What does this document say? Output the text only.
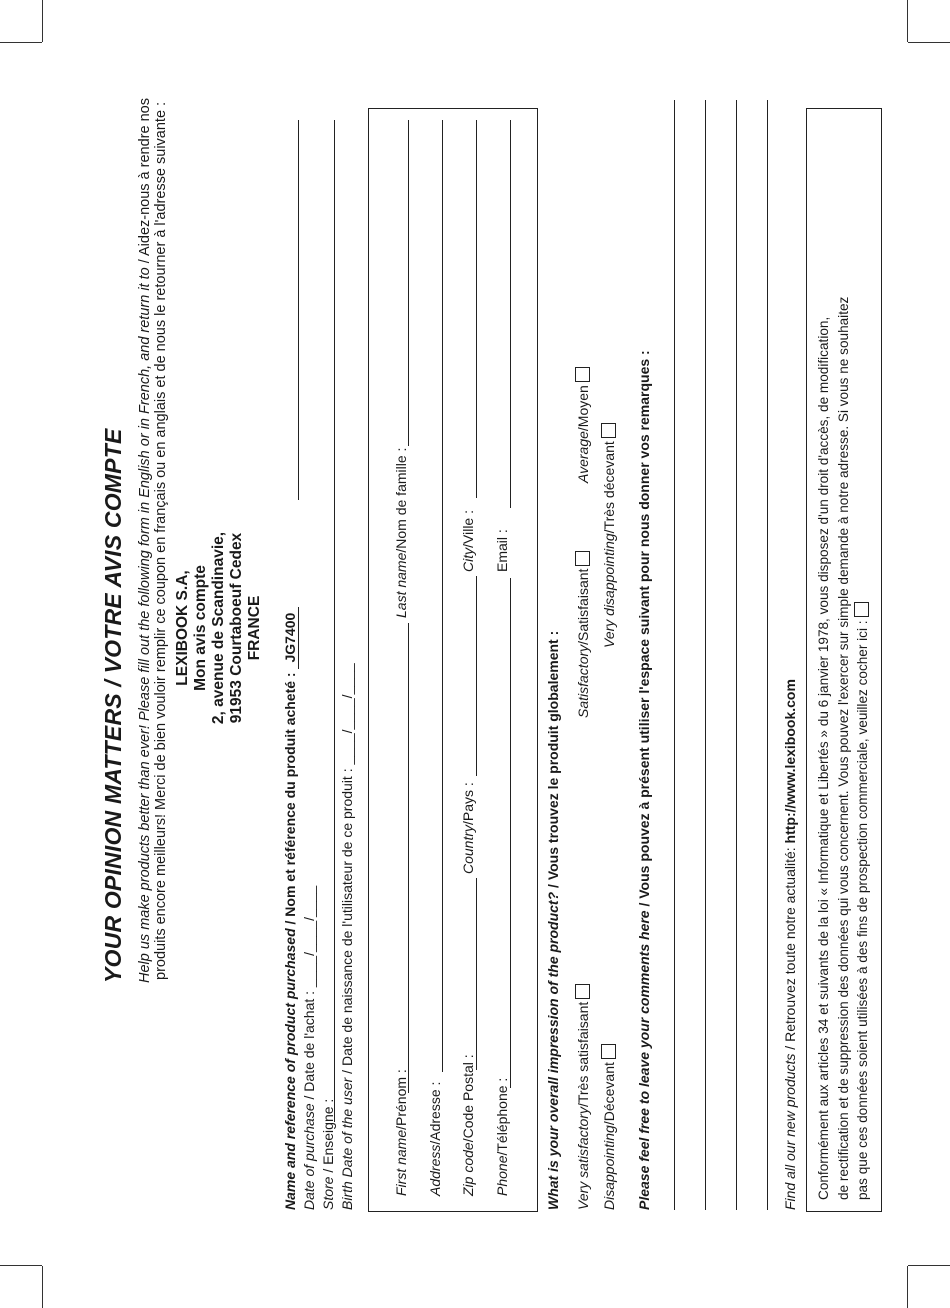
YOUR OPINION MATTERS / VOTRE AVIS COMPTE Help us make products better than ever! Please fill out the following form in English or in French, and return it to / Aidez-nous à rendre nos produits encore meilleurs! Merci de bien vouloir remplir ce coupon en français ou en anglais et de nous le retourner à l'adresse suivante : LEXIBOOK S.A, Mon avis compte 2, avenue de Scandinavie, 91953 Courtaboeuf Cedex FRANCE
Name and reference of product purchased / Nom et référence du produit acheté : JG7400
Date of purchase / Date de l'achat : ____/____/____
Store / Enseigne : Birth Date of the user / Date de naissance de l'utilisateur de ce produit : ____/____/____
First name/Prénom :
Last name/Nom de famille :
Address/Adresse :
Zip code/Code Postal :
Country/Pays :
City/Ville :
Phone/Téléphone :
Email :
What is your overall impression of the product? / Vous trouvez le produit globalement :
Very satisfactory/Très satisfaisant
Satisfactory/Satisfaisant
Average/Moyen
Disappointing/Décevant
Very disappointing/Très décevant
Please feel free to leave your comments here / Vous pouvez à présent utiliser l'espace suivant pour nous donner vos remarques :
Find all our new products / Retrouvez toute notre actualité: http://www.lexibook.com Conformément aux articles 34 et suivants de la loi « Informatique et Libertés » du 6 janvier 1978, vous disposez d'un droit d'accès, de modification, de rectification et de suppression des données qui vous concernent. Vous pouvez l'exercer sur simple demande à notre adresse. Si vous ne souhaitez pas que ces données soient utilisées à des fins de prospection commerciale, veuillez cocher ici :
